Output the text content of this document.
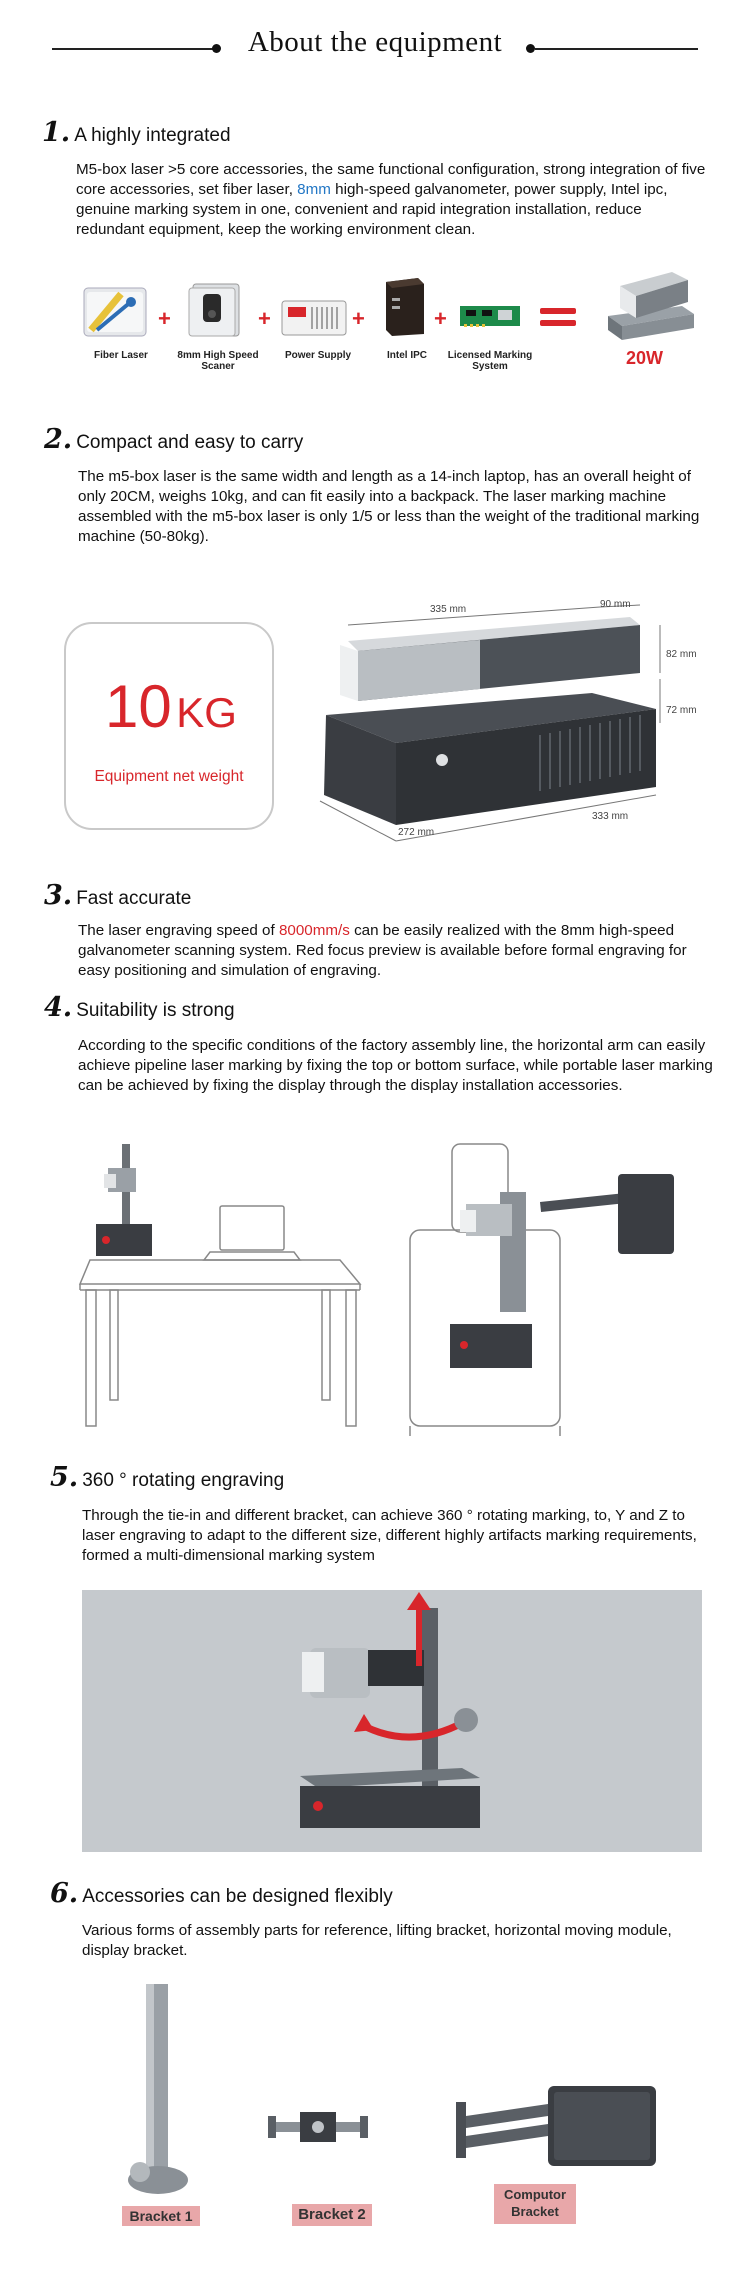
About the equipment
1. A highly integrated
M5-box laser >5 core accessories, the same functional configuration, strong integration of five core accessories, set fiber laser, 8mm high-speed galvanometer, power supply, Intel ipc, genuine marking system in one, convenient and rapid integration installation, reduce redundant equipment, keep the working environment clean.
Fiber Laser
+
8mm High Speed Scaner
+
Power Supply
+
Intel IPC
+
Licensed Marking System	20W
2. Compact and easy to carry
The m5-box laser is the same width and length as a 14-inch laptop, has an overall height of only 20CM, weighs 10kg, and can fit easily into a backpack. The laser marking machine assembled with the m5-box laser is only 1/5 or less than the weight of the traditional marking machine (50-80kg).
10 KG
Equipment net weight
335 mm	90 mm
82 mm
72 mm
272 mm
333 mm
3. Fast accurate
The laser engraving speed of 8000mm/s can be easily realized with the 8mm high-speed galvanometer scanning system. Red focus preview is available before formal engraving for easy positioning and simulation of engraving.
4. Suitability is strong
According to the specific conditions of the factory assembly line, the horizontal arm can easily achieve pipeline laser marking by fixing the top or bottom surface, while portable laser marking can be achieved by fixing the display through the display installation accessories.
5. 360 ° rotating engraving
Through the tie-in and different bracket, can achieve 360 ° rotating marking, to, Y and Z to laser engraving to adapt to the different size, different highly artifacts marking requirements, formed a multi-dimensional marking system
6. Accessories can be designed flexibly
Various forms of assembly parts for reference, lifting bracket, horizontal moving module, display bracket.
Bracket 1	Bracket 2
Computor Bracket
